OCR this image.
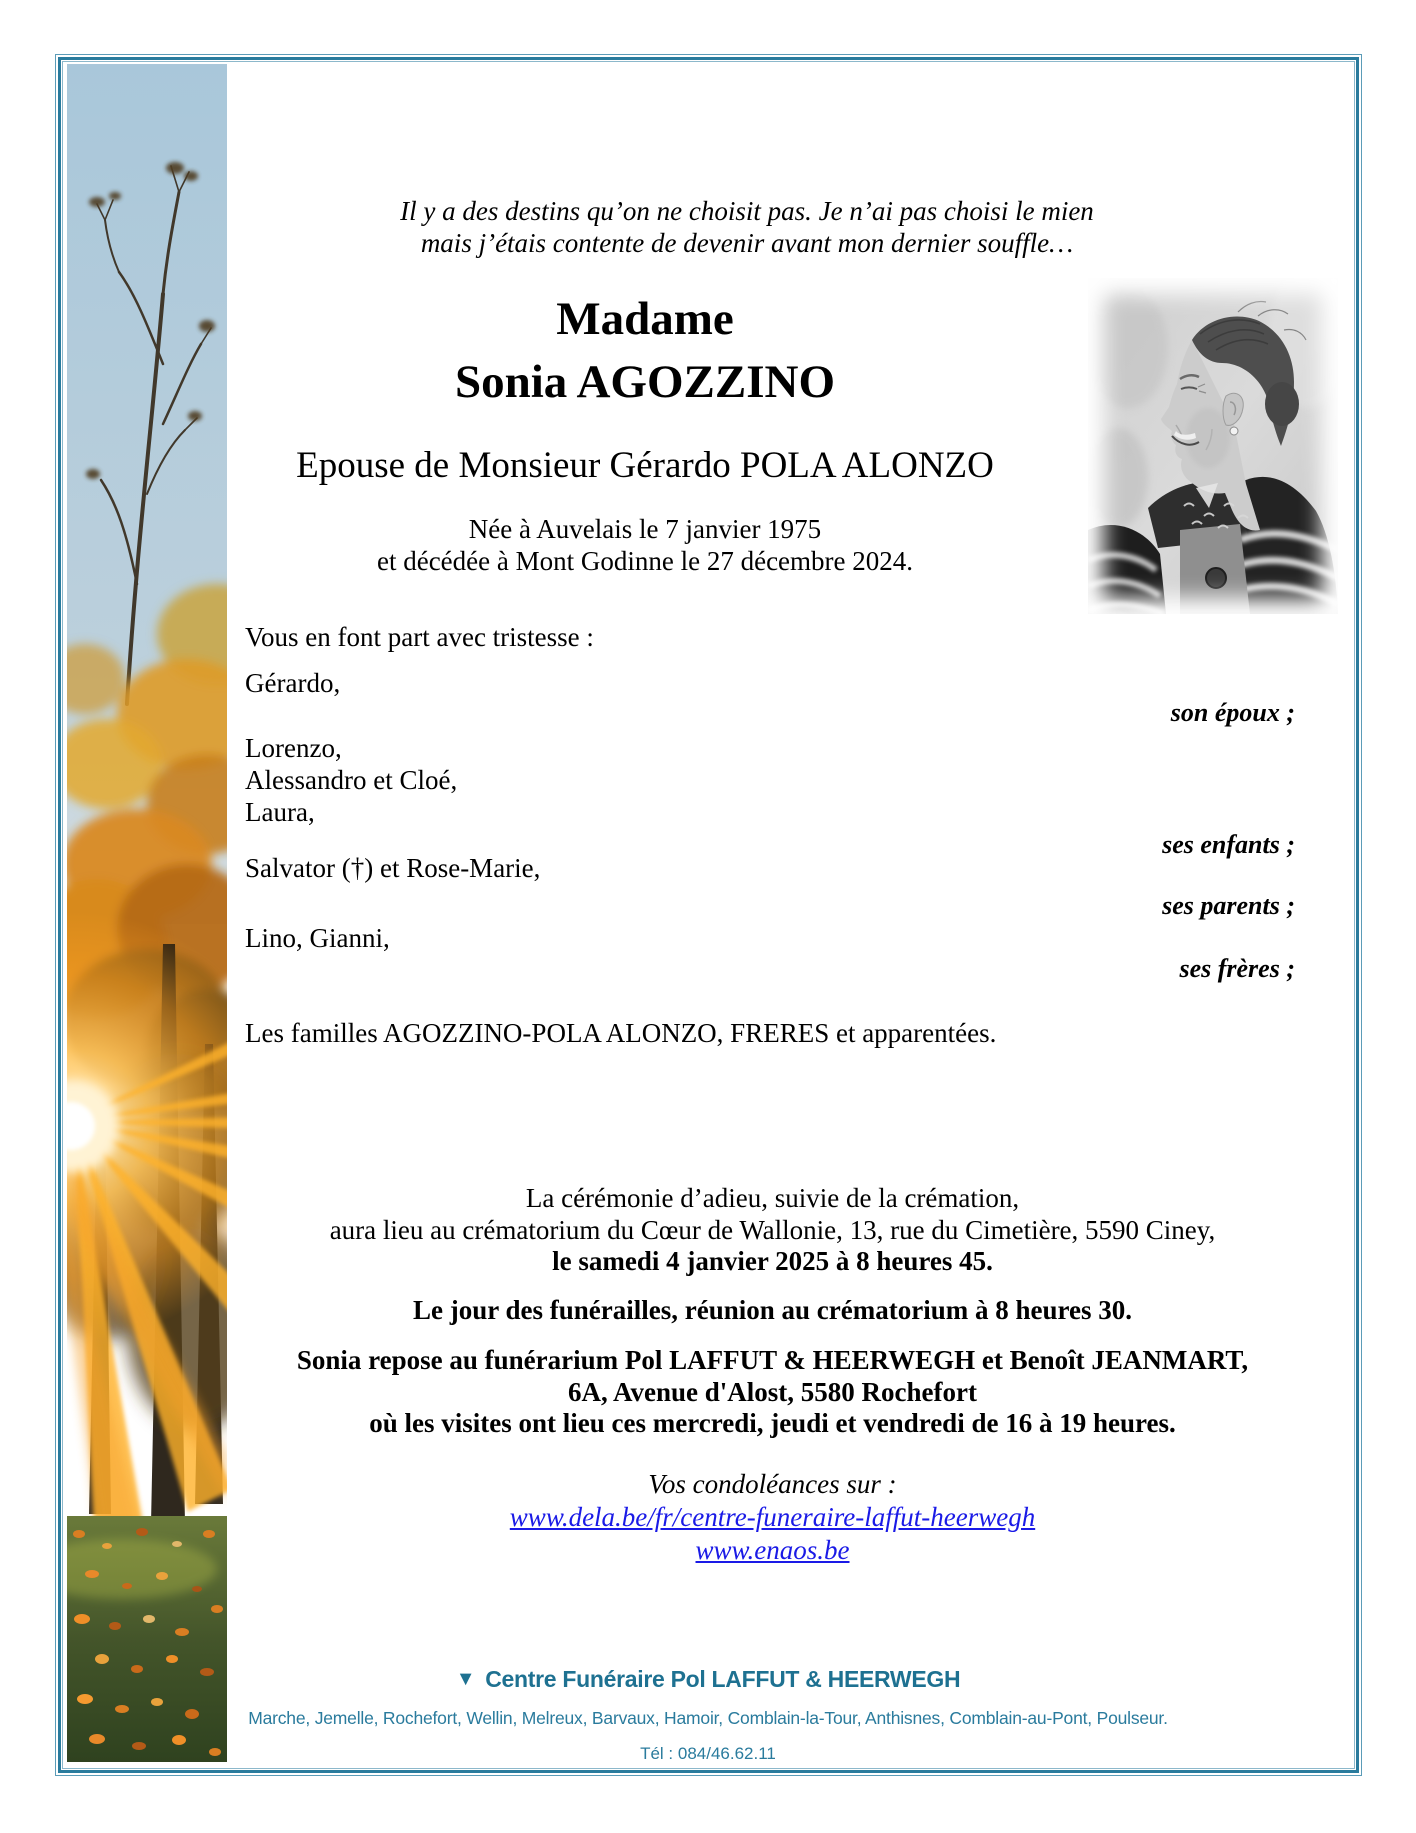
Il y a des destins qu’on ne choisit pas. Je n’ai pas choisi le mien
mais j’étais contente de devenir avant mon dernier souffle…
Madame
Sonia AGOZZINO
Epouse de Monsieur Gérardo POLA ALONZO
Née à Auvelais le 7 janvier 1975
et décédée à Mont Godinne le 27 décembre 2024.
Vous en font part avec tristesse :
Gérardo,
son époux ;
Lorenzo,
Alessandro et Cloé,
Laura,
ses enfants ;
Salvator (†) et Rose-Marie,
ses parents ;
Lino, Gianni,
ses frères ;
Les familles AGOZZINO-POLA ALONZO, FRERES et apparentées.
La cérémonie d’adieu, suivie de la crémation,
aura lieu au crématorium du Cœur de Wallonie, 13, rue du Cimetière, 5590 Ciney,
le samedi 4 janvier 2025 à 8 heures 45.
Le jour des funérailles, réunion au crématorium à 8 heures 30.
Sonia repose au funérarium Pol LAFFUT & HEERWEGH et Benoît JEANMART,
6A, Avenue d'Alost, 5580 Rochefort
où les visites ont lieu ces mercredi, jeudi et vendredi de 16 à 19 heures.
Vos condoléances sur :
www.dela.be/fr/centre-funeraire-laffut-heerwegh
www.enaos.be
▼ Centre Funéraire Pol LAFFUT & HEERWEGH
Marche, Jemelle, Rochefort, Wellin, Melreux, Barvaux, Hamoir, Comblain-la-Tour, Anthisnes, Comblain-au-Pont, Poulseur.
Tél : 084/46.62.11
